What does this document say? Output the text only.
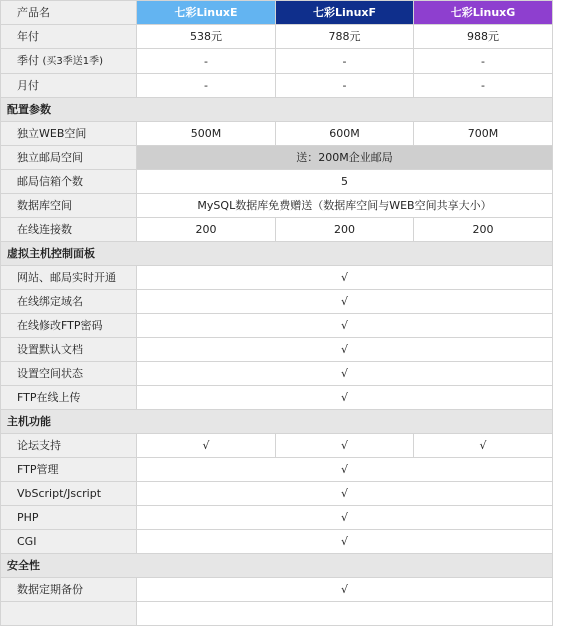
产品名	七彩LinuxE	七彩LinuxF	七彩LinuxG
年付	538元	788元	988元
季付 (买3季送1季)	-	-	-
月付	-	-	-
配置参数			
独立WEB空间	500M	600M	700M
独立邮局空间	送：200M企业邮局		
邮局信箱个数	5		
数据库空间	MySQL数据库免费赠送（数据库空间与WEB空间共享大小）		
在线连接数	200	200	200
虚拟主机控制面板			
网站、邮局实时开通	√		
在线绑定域名	√		
在线修改FTP密码	√		
设置默认文档	√		
设置空间状态	√		
FTP在线上传	√		
主机功能			
论坛支持	√	√	√
FTP管理	√		
VbScript/Jscript	√		
PHP	√		
CGI	√		
安全性			
数据定期备份	√		
